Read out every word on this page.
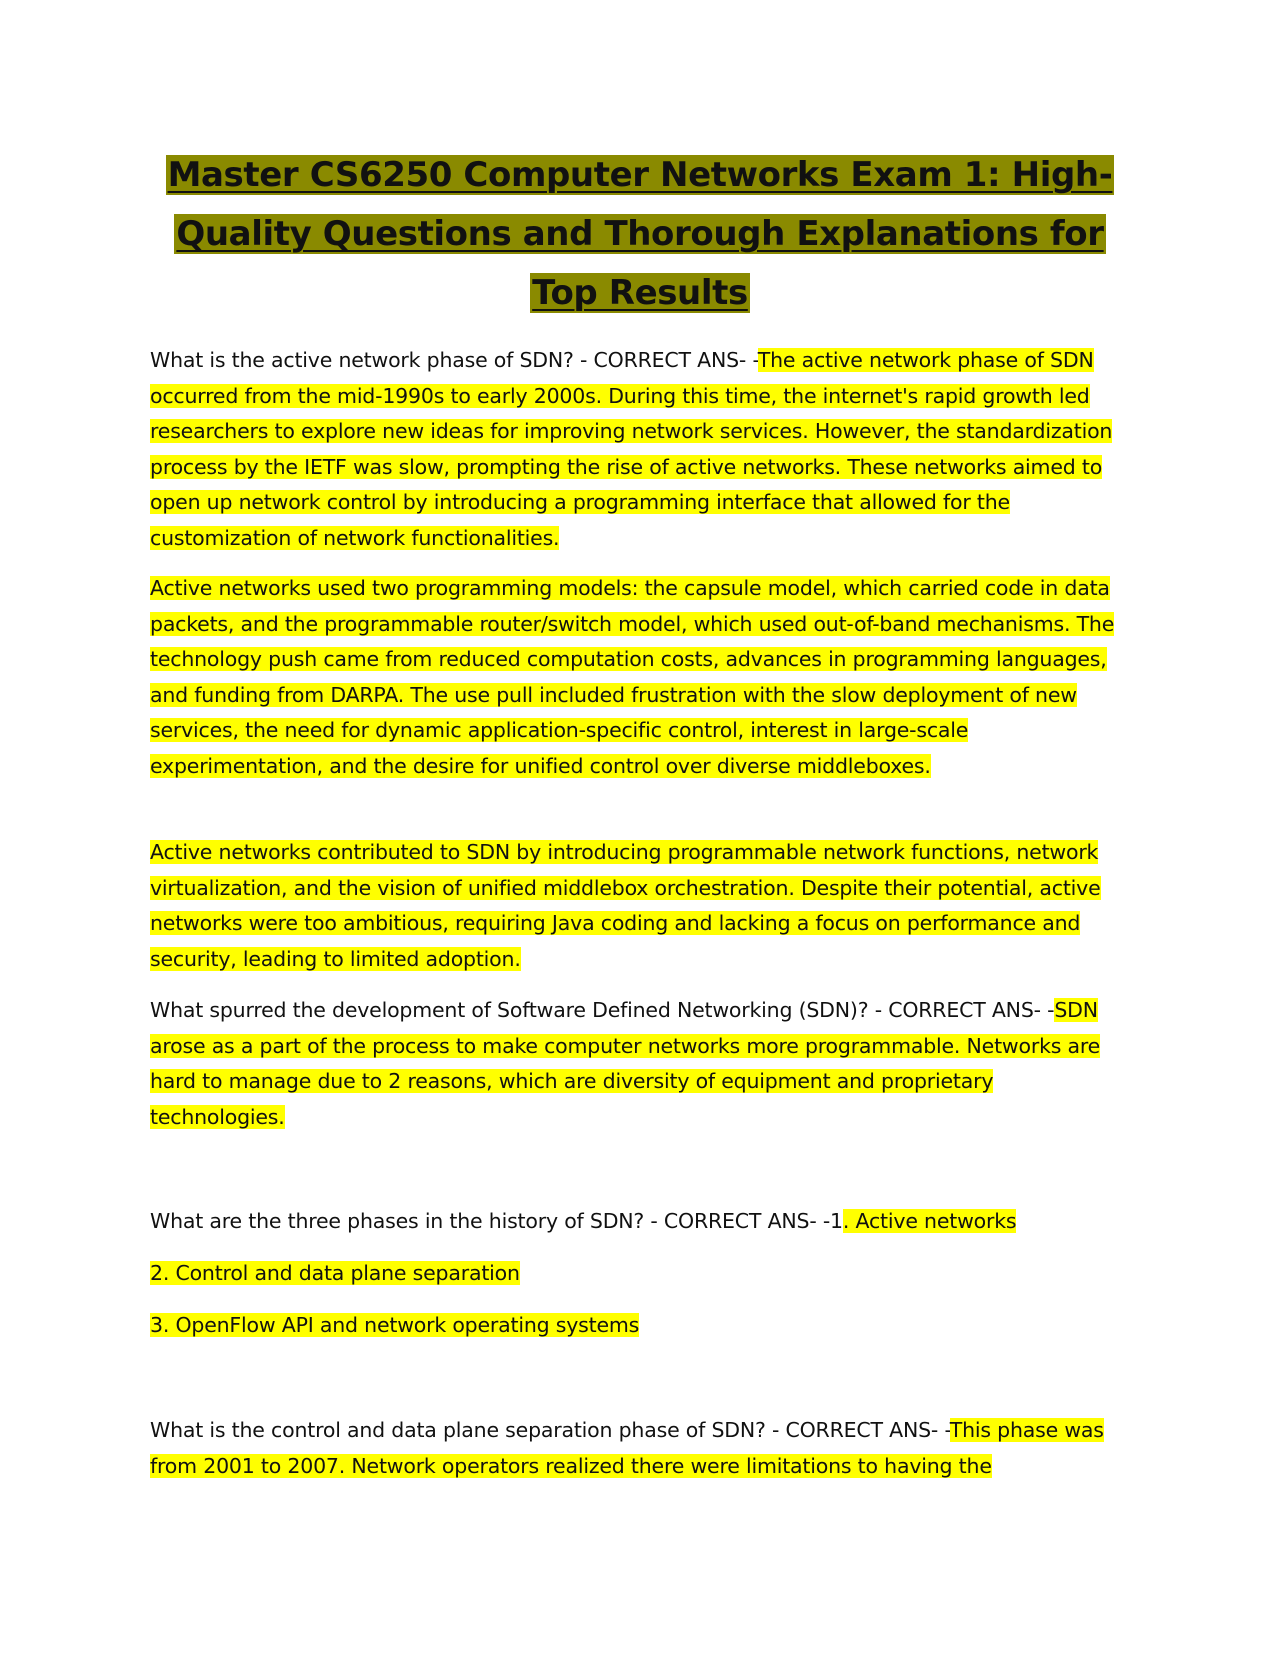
Master CS6250 Computer Networks Exam 1: High-Quality Questions and Thorough Explanations for Top Results

What is the active network phase of SDN? - CORRECT ANS- -The active network phase of SDN occurred from the mid-1990s to early 2000s. During this time, the internet's rapid growth led researchers to explore new ideas for improving network services. However, the standardization process by the IETF was slow, prompting the rise of active networks. These networks aimed to open up network control by introducing a programming interface that allowed for the customization of network functionalities.

Active networks used two programming models: the capsule model, which carried code in data packets, and the programmable router/switch model, which used out-of-band mechanisms. The technology push came from reduced computation costs, advances in programming languages, and funding from DARPA. The use pull included frustration with the slow deployment of new services, the need for dynamic application-specific control, interest in large-scale experimentation, and the desire for unified control over diverse middleboxes.

Active networks contributed to SDN by introducing programmable network functions, network virtualization, and the vision of unified middlebox orchestration. Despite their potential, active networks were too ambitious, requiring Java coding and lacking a focus on performance and security, leading to limited adoption.

What spurred the development of Software Defined Networking (SDN)? - CORRECT ANS- -SDN arose as a part of the process to make computer networks more programmable. Networks are hard to manage due to 2 reasons, which are diversity of equipment and proprietary technologies.

What are the three phases in the history of SDN? - CORRECT ANS- -1. Active networks

2. Control and data plane separation

3. OpenFlow API and network operating systems

What is the control and data plane separation phase of SDN? - CORRECT ANS- -This phase was from 2001 to 2007. Network operators realized there were limitations to having the
